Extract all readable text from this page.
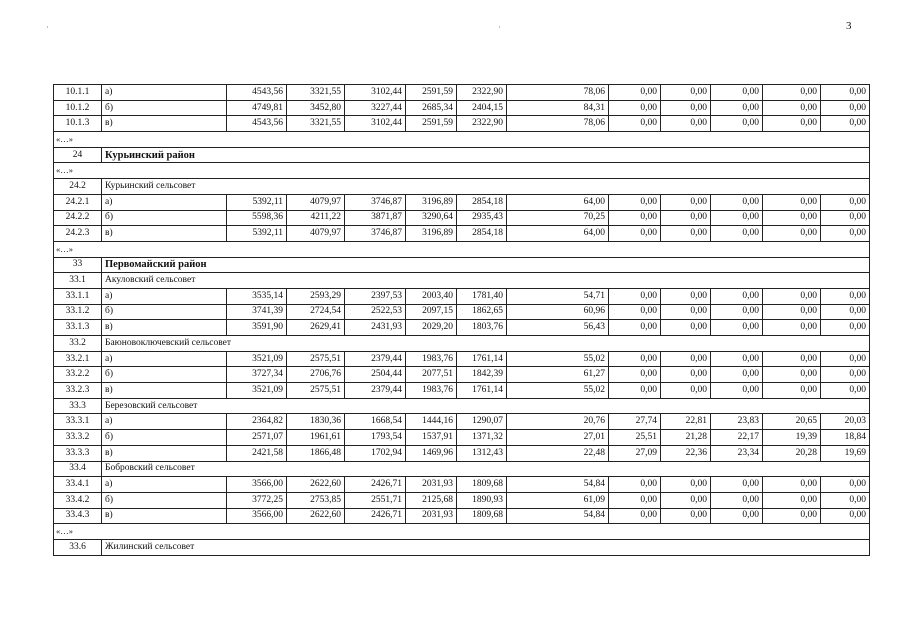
·	·	3
10.1.1	а)	4543,56	3321,55	3102,44	2591,59	2322,90	78,06	0,00	0,00	0,00	0,00	0,00
10.1.2	б)	4749,81	3452,80	3227,44	2685,34	2404,15	84,31	0,00	0,00	0,00	0,00	0,00
10.1.3	в)	4543,56	3321,55	3102,44	2591,59	2322,90	78,06	0,00	0,00	0,00	0,00	0,00
«…»												
24	Курьинский район											
«…»												
24.2	Курьинский сельсовет											
24.2.1	а)	5392,11	4079,97	3746,87	3196,89	2854,18	64,00	0,00	0,00	0,00	0,00	0,00
24.2.2	б)	5598,36	4211,22	3871,87	3290,64	2935,43	70,25	0,00	0,00	0,00	0,00	0,00
24.2.3	в)	5392,11	4079,97	3746,87	3196,89	2854,18	64,00	0,00	0,00	0,00	0,00	0,00
«…»												
33	Первомайский район											
33.1	Акуловский сельсовет											
33.1.1	а)	3535,14	2593,29	2397,53	2003,40	1781,40	54,71	0,00	0,00	0,00	0,00	0,00
33.1.2	б)	3741,39	2724,54	2522,53	2097,15	1862,65	60,96	0,00	0,00	0,00	0,00	0,00
33.1.3	в)	3591,90	2629,41	2431,93	2029,20	1803,76	56,43	0,00	0,00	0,00	0,00	0,00
33.2	Баюновоключевский сельсовет											
33.2.1	а)	3521,09	2575,51	2379,44	1983,76	1761,14	55,02	0,00	0,00	0,00	0,00	0,00
33.2.2	б)	3727,34	2706,76	2504,44	2077,51	1842,39	61,27	0,00	0,00	0,00	0,00	0,00
33.2.3	в)	3521,09	2575,51	2379,44	1983,76	1761,14	55,02	0,00	0,00	0,00	0,00	0,00
33.3	Березовский сельсовет											
33.3.1	а)	2364,82	1830,36	1668,54	1444,16	1290,07	20,76	27,74	22,81	23,83	20,65	20,03
33.3.2	б)	2571,07	1961,61	1793,54	1537,91	1371,32	27,01	25,51	21,28	22,17	19,39	18,84
33.3.3	в)	2421,58	1866,48	1702,94	1469,96	1312,43	22,48	27,09	22,36	23,34	20,28	19,69
33.4	Бобровский сельсовет											
33.4.1	а)	3566,00	2622,60	2426,71	2031,93	1809,68	54,84	0,00	0,00	0,00	0,00	0,00
33.4.2	б)	3772,25	2753,85	2551,71	2125,68	1890,93	61,09	0,00	0,00	0,00	0,00	0,00
33.4.3	в)	3566,00	2622,60	2426,71	2031,93	1809,68	54,84	0,00	0,00	0,00	0,00	0,00
«…»												
33.6	Жилинский сельсовет											
